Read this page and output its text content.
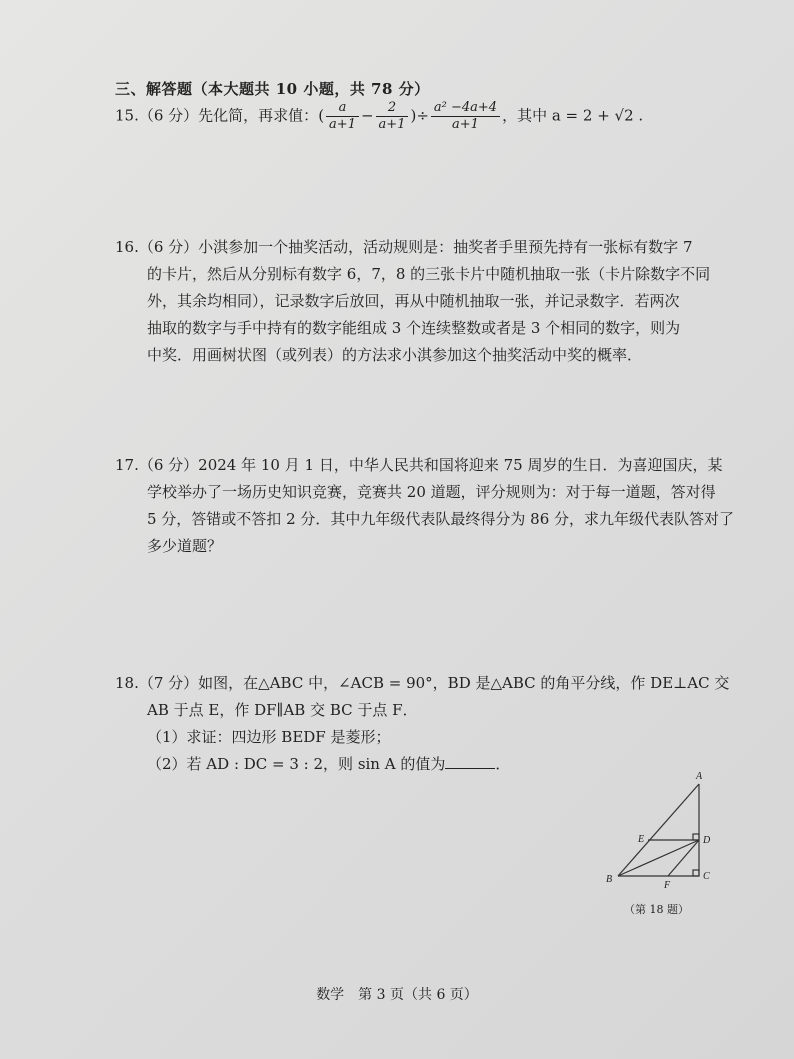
三、解答题（本大题共 10 小题，共 78 分）
15.（6 分）先化简，再求值：( $\frac{a}{a+1} - \frac{2}{a+1}$ )÷ $\frac{\text{a² −4a+4}}{a+1}$ ，其中 a = 2 + √2 .
16.（6 分）小淇参加一个抽奖活动，活动规则是：抽奖者手里预先持有一张标有数字 7
的卡片，然后从分别标有数字 6，7，8 的三张卡片中随机抽取一张（卡片除数字不同
外，其余均相同），记录数字后放回，再从中随机抽取一张，并记录数字．若两次
抽取的数字与手中持有的数字能组成 3 个连续整数或者是 3 个相同的数字，则为
中奖．用画树状图（或列表）的方法求小淇参加这个抽奖活动中奖的概率．
17.（6 分）2024 年 10 月 1 日，中华人民共和国将迎来 75 周岁的生日．为喜迎国庆，某
学校举办了一场历史知识竞赛，竞赛共 20 道题，评分规则为：对于每一道题，答对得
5 分，答错或不答扣 2 分．其中九年级代表队最终得分为 86 分，求九年级代表队答对了
多少道题？
18.（7 分）如图，在△ABC 中，∠ACB = 90°，BD 是△ABC 的角平分线，作 DE⊥AC 交
AB 于点 E，作 DF∥AB 交 BC 于点 F．
（1）求证：四边形 BEDF 是菱形；
（2）若 AD : DC = 3 : 2，则 sin A 的值为	．
A
E	D
B
F
C
（第 18 题）
数学　第 3 页（共 6 页）
